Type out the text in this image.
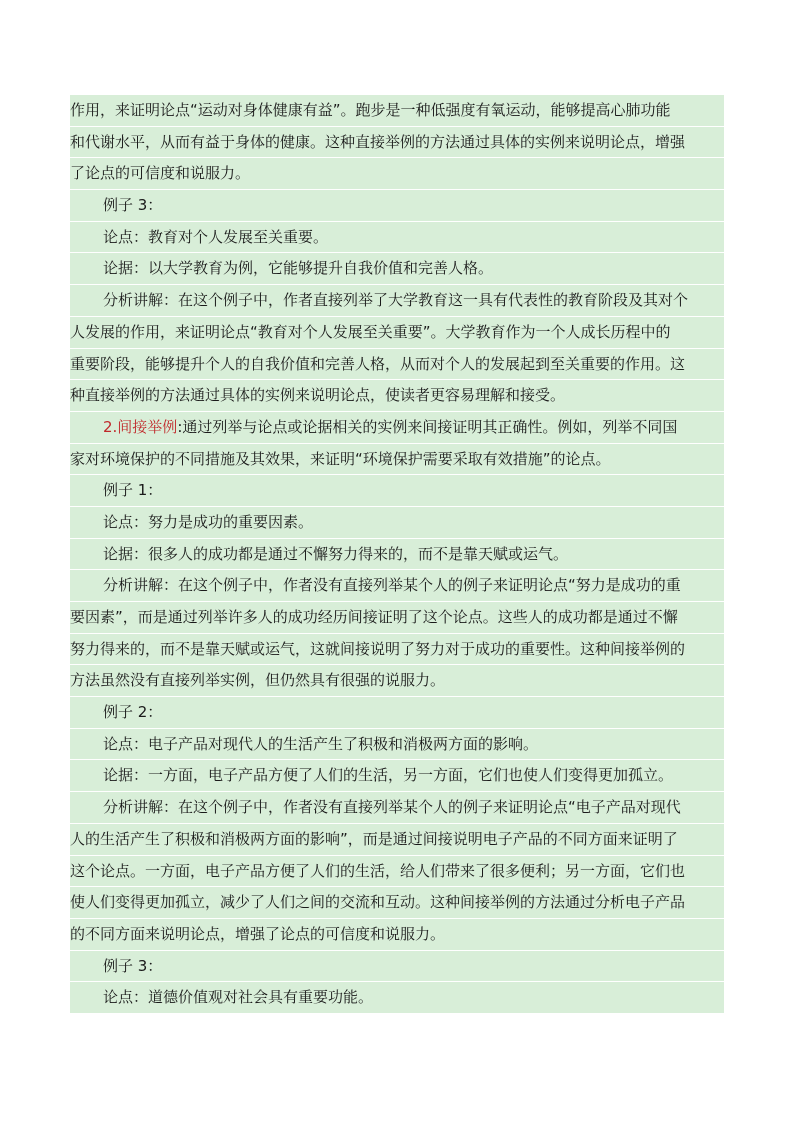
作用，来证明论点“运动对身体健康有益”。跑步是一种低强度有氧运动，能够提高心肺功能
和代谢水平，从而有益于身体的健康。这种直接举例的方法通过具体的实例来说明论点，增强
了论点的可信度和说服力。
例子 3：
论点：教育对个人发展至关重要。
论据：以大学教育为例，它能够提升自我价值和完善人格。
分析讲解：在这个例子中，作者直接列举了大学教育这一具有代表性的教育阶段及其对个
人发展的作用，来证明论点“教育对个人发展至关重要”。大学教育作为一个人成长历程中的
重要阶段，能够提升个人的自我价值和完善人格，从而对个人的发展起到至关重要的作用。这
种直接举例的方法通过具体的实例来说明论点，使读者更容易理解和接受。
2.间接举例:通过列举与论点或论据相关的实例来间接证明其正确性。例如，列举不同国
家对环境保护的不同措施及其效果，来证明“环境保护需要采取有效措施”的论点。
例子 1：
论点：努力是成功的重要因素。
论据：很多人的成功都是通过不懈努力得来的，而不是靠天赋或运气。
分析讲解：在这个例子中，作者没有直接列举某个人的例子来证明论点“努力是成功的重
要因素”，而是通过列举许多人的成功经历间接证明了这个论点。这些人的成功都是通过不懈
努力得来的，而不是靠天赋或运气，这就间接说明了努力对于成功的重要性。这种间接举例的
方法虽然没有直接列举实例，但仍然具有很强的说服力。
例子 2：
论点：电子产品对现代人的生活产生了积极和消极两方面的影响。
论据：一方面，电子产品方便了人们的生活，另一方面，它们也使人们变得更加孤立。
分析讲解：在这个例子中，作者没有直接列举某个人的例子来证明论点“电子产品对现代
人的生活产生了积极和消极两方面的影响”，而是通过间接说明电子产品的不同方面来证明了
这个论点。一方面，电子产品方便了人们的生活，给人们带来了很多便利；另一方面，它们也
使人们变得更加孤立，减少了人们之间的交流和互动。这种间接举例的方法通过分析电子产品
的不同方面来说明论点，增强了论点的可信度和说服力。
例子 3：
论点：道德价值观对社会具有重要功能。
